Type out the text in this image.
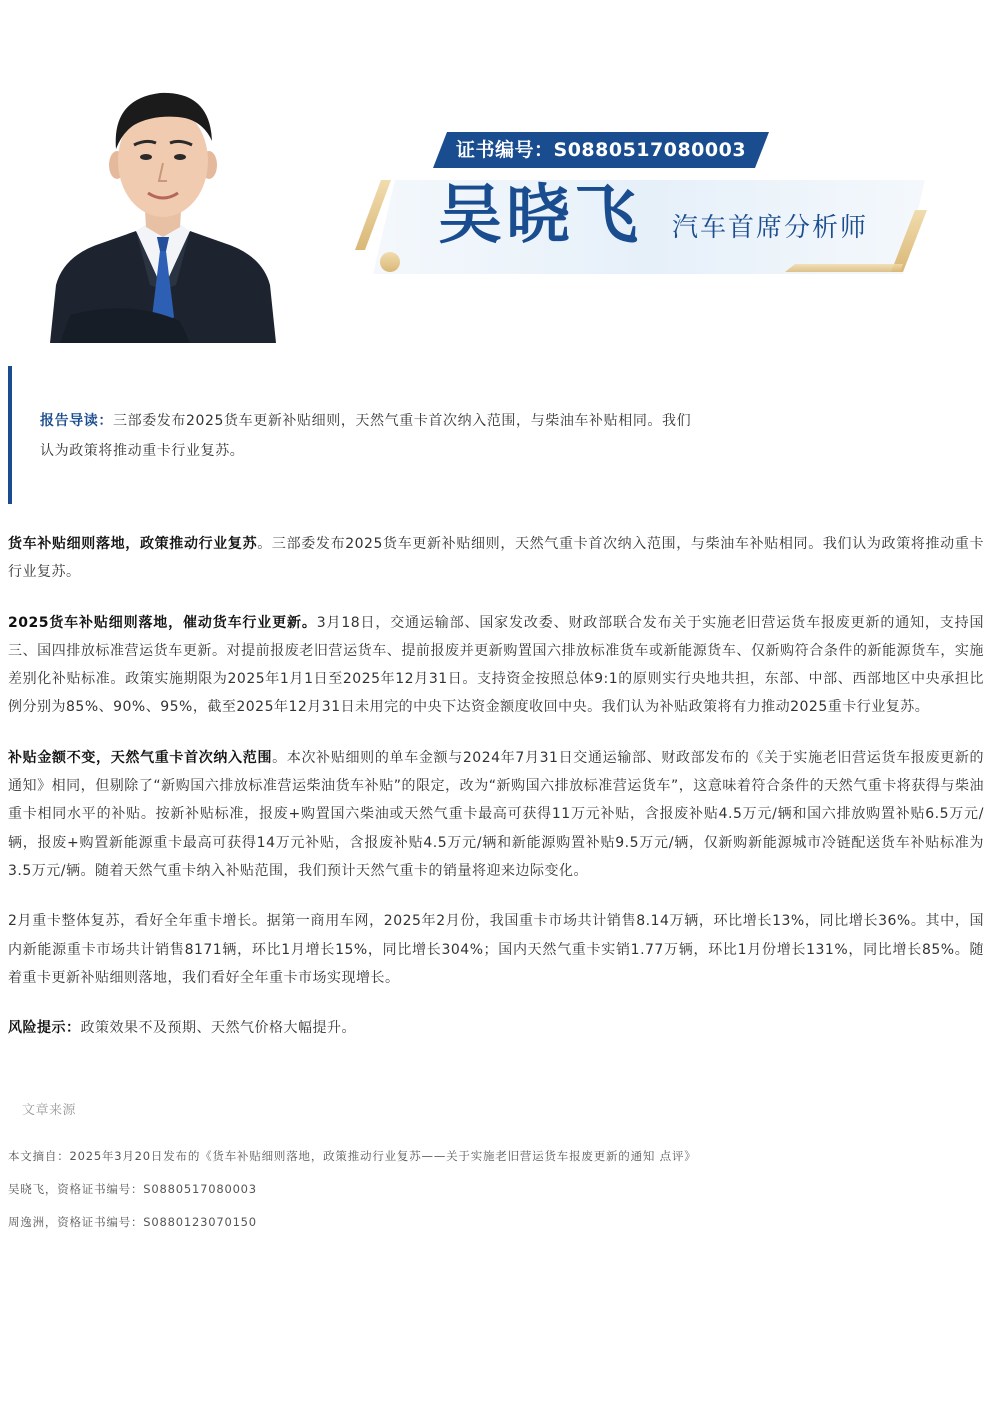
证书编号：S0880517080003
吴晓飞 汽车首席分析师
报告导读：三部委发布2025货车更新补贴细则，天然气重卡首次纳入范围，与柴油车补贴相同。我们认为政策将推动重卡行业复苏。

货车补贴细则落地，政策推动行业复苏。三部委发布2025货车更新补贴细则，天然气重卡首次纳入范围，与柴油车补贴相同。我们认为政策将推动重卡行业复苏。

2025货车补贴细则落地，催动货车行业更新。3月18日，交通运输部、国家发改委、财政部联合发布关于实施老旧营运货车报废更新的通知，支持国三、国四排放标准营运货车更新。对提前报废老旧营运货车、提前报废并更新购置国六排放标准货车或新能源货车、仅新购符合条件的新能源货车，实施差别化补贴标准。政策实施期限为2025年1月1日至2025年12月31日。支持资金按照总体9:1的原则实行央地共担，东部、中部、西部地区中央承担比例分别为85%、90%、95%，截至2025年12月31日未用完的中央下达资金额度收回中央。我们认为补贴政策将有力推动2025重卡行业复苏。

补贴金额不变，天然气重卡首次纳入范围。本次补贴细则的单车金额与2024年7月31日交通运输部、财政部发布的《关于实施老旧营运货车报废更新的通知》相同，但剔除了“新购国六排放标准营运柴油货车补贴”的限定，改为“新购国六排放标准营运货车”，这意味着符合条件的天然气重卡将获得与柴油重卡相同水平的补贴。按新补贴标准，报废+购置国六柴油或天然气重卡最高可获得11万元补贴，含报废补贴4.5万元/辆和国六排放购置补贴6.5万元/辆，报废+购置新能源重卡最高可获得14万元补贴，含报废补贴4.5万元/辆和新能源购置补贴9.5万元/辆，仅新购新能源城市冷链配送货车补贴标准为3.5万元/辆。随着天然气重卡纳入补贴范围，我们预计天然气重卡的销量将迎来边际变化。

2月重卡整体复苏，看好全年重卡增长。据第一商用车网，2025年2月份，我国重卡市场共计销售8.14万辆，环比增长13%，同比增长36%。其中，国内新能源重卡市场共计销售8171辆，环比1月增长15%，同比增长304%；国内天然气重卡实销1.77万辆，环比1月份增长131%，同比增长85%。随着重卡更新补贴细则落地，我们看好全年重卡市场实现增长。

风险提示：政策效果不及预期、天然气价格大幅提升。

文章来源
本文摘自：2025年3月20日发布的《货车补贴细则落地，政策推动行业复苏——关于实施老旧营运货车报废更新的通知 点评》
吴晓飞，资格证书编号：S0880517080003
周逸洲，资格证书编号：S0880123070150
